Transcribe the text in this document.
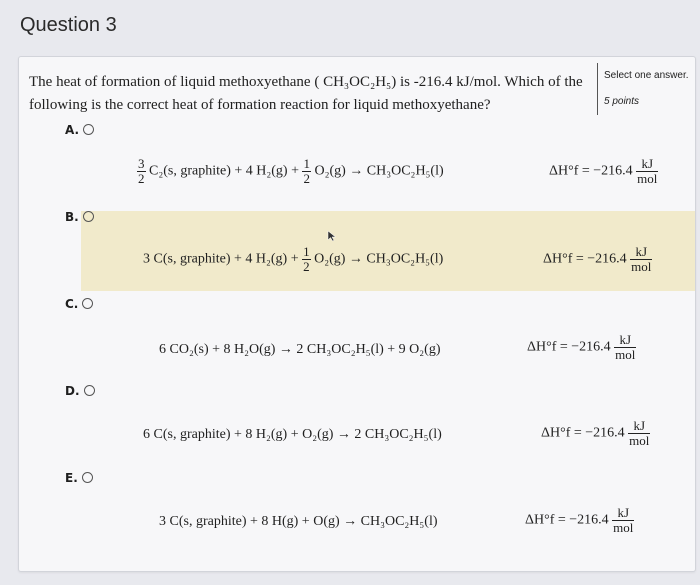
Question 3
The heat of formation of liquid methoxyethane ( CH₃OC₂H₅) is -216.4 kJ/mol. Which of the following is the correct heat of formation reaction for liquid methoxyethane?
Select one answer.
5 points
A.
$\frac{3}{2} C_2(s$, graphite) + 4 $H_2(g) + \frac{1}{2} O_2(g) \to CH_3OC_2H_5(l)$	$\Delta H^\circ f = -216.4 \frac{kJ}{\text{mol}}$
B.
3 C(s, graphite) + 4 $H_2(g) + \frac{1}{2} O_2(g) \to CH_3OC_2H_5(l)$	$\Delta H^\circ f = -216.4 \frac{kJ}{\text{mol}}$
C.
6 CO₂(s) + 8 H₂O(g) → 2 CH₃OC₂H₅(l) + 9 O₂(g)	$\Delta H^\circ f = -216.4 \frac{kJ}{\text{mol}}$
D.
6 C(s, graphite) + 8 H₂(g) + O₂(g) → 2 CH₃OC₂H₅(l)	$\Delta H^\circ f = -216.4 \frac{kJ}{\text{mol}}$
E.
3 C(s, graphite) + 8 H(g) + O(g) → CH₃OC₂H₅(l)	$\Delta H^\circ f = -216.4 \frac{kJ}{\text{mol}}$
